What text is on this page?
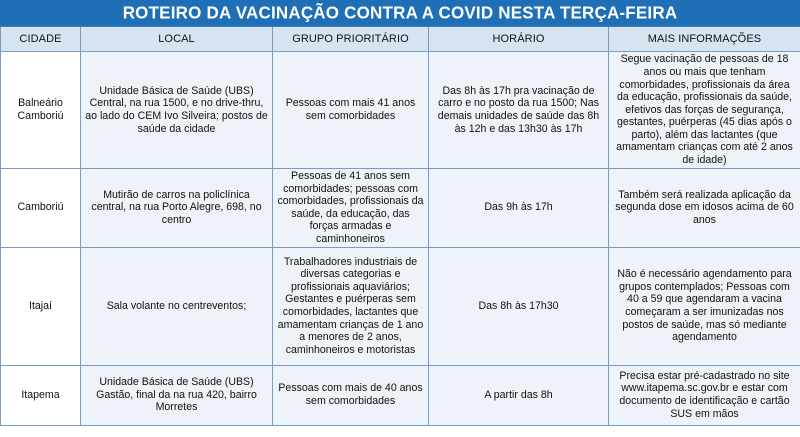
ROTEIRO DA VACINAÇÃO CONTRA A COVID NESTA TERÇA-FEIRA
CIDADE	LOCAL	GRUPO PRIORITÁRIO	HORÁRIO	MAIS INFORMAÇÕES

Balneário Camboriú	Unidade Básica de Saúde (UBS) Central, na rua 1500, e no drive-thru, ao lado do CEM Ivo Silveira; postos de saúde da cidade	Pessoas com mais 41 anos sem comorbidades	Das 8h às 17h pra vacinação de carro e no posto da rua 1500; Nas demais unidades de saúde das 8h às 12h e das 13h30 às 17h	Segue vacinação de pessoas de 18 anos ou mais que tenham comorbidades, profissionais da área da educação, profissionais da saúde, efetivos das forças de segurança, gestantes, puérperas (45 dias após o parto), além das lactantes (que amamentam crianças com até 2 anos de idade)

Camboriú	Mutirão de carros na policlínica central, na rua Porto Alegre, 698, no centro	Pessoas de 41 anos sem comorbidades; pessoas com comorbidades, profissionais da saúde, da educação, das forças armadas e caminhoneiros	Das 9h às 17h	Também será realizada aplicação da segunda dose em idosos acima de 60 anos

Itajaí	Sala volante no centreventos;	Trabalhadores industriais de diversas categorias e profissionais aquaviários; Gestantes e puérperas sem comorbidades, lactantes que amamentam crianças de 1 ano a menores de 2 anos, caminhoneiros e motoristas	Das 8h às 17h30	Não é necessário agendamento para grupos contemplados; Pessoas com 40 a 59 que agendaram a vacina começaram a ser imunizadas nos postos de saúde, mas só mediante agendamento

Itapema	Unidade Básica de Saúde (UBS) Gastão, final da na rua 420, bairro Morretes	Pessoas com mais de 40 anos sem comorbidades	A partir das 8h	Precisa estar pré-cadastrado no site www.itapema.sc.gov.br e estar com documento de identificação e cartão SUS em mãos
